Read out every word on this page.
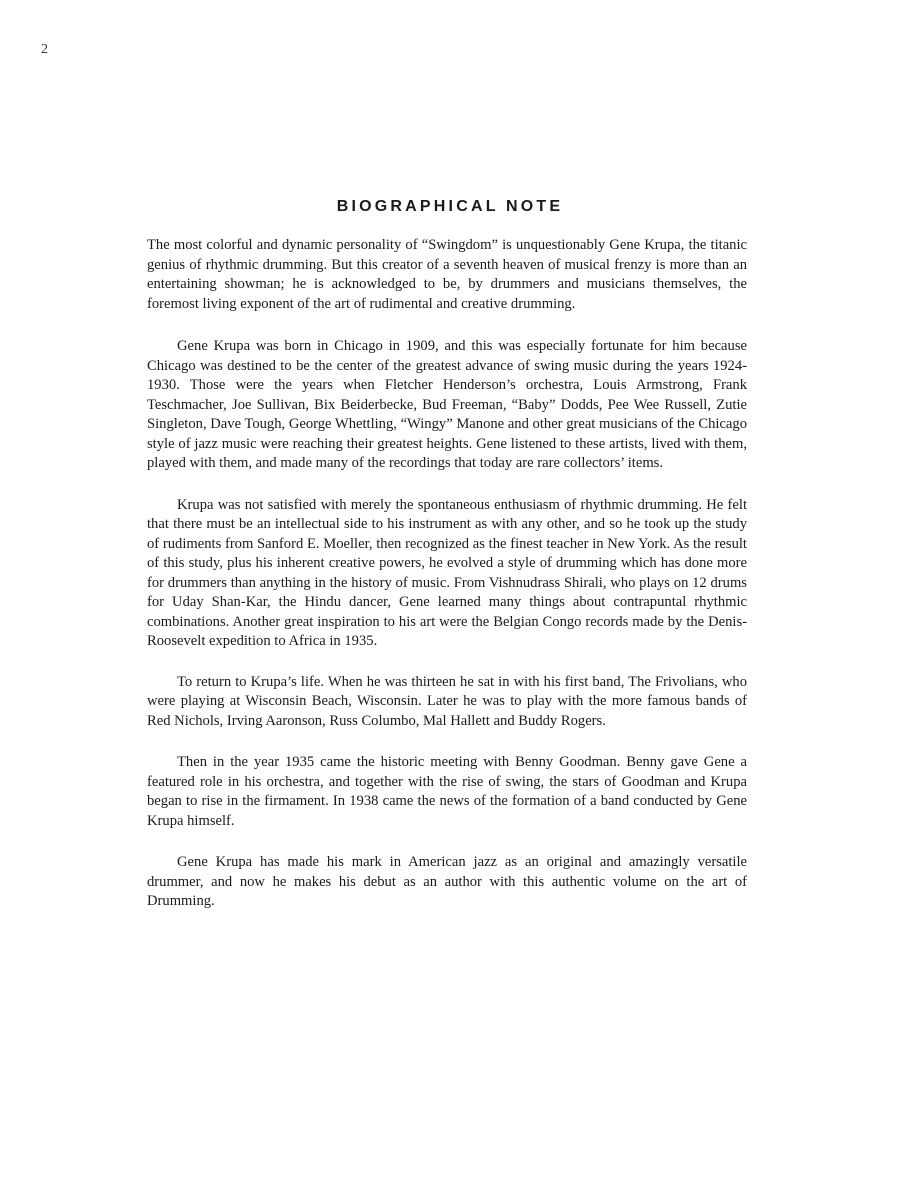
2
BIOGRAPHICAL NOTE

The most colorful and dynamic personality of “Swingdom” is unquestionably Gene Krupa, the titanic genius of rhythmic drumming. But this creator of a seventh heaven of musical frenzy is more than an entertaining showman; he is acknowledged to be, by drummers and musicians themselves, the foremost living exponent of the art of rudimental and creative drumming.

Gene Krupa was born in Chicago in 1909, and this was especially fortunate for him because Chicago was destined to be the center of the greatest advance of swing music during the years 1924-1930. Those were the years when Fletcher Henderson’s orchestra, Louis Armstrong, Frank Teschmacher, Joe Sullivan, Bix Beiderbecke, Bud Freeman, “Baby” Dodds, Pee Wee Russell, Zutie Singleton, Dave Tough, George Whettling, “Wingy” Manone and other great musicians of the Chicago style of jazz music were reaching their greatest heights. Gene listened to these artists, lived with them, played with them, and made many of the recordings that today are rare collectors’ items.

Krupa was not satisfied with merely the spontaneous enthusiasm of rhythmic drumming. He felt that there must be an intellectual side to his instrument as with any other, and so he took up the study of rudiments from Sanford E. Moeller, then recognized as the finest teacher in New York. As the result of this study, plus his inherent creative powers, he evolved a style of drumming which has done more for drummers than anything in the history of music. From Vishnudrass Shirali, who plays on 12 drums for Uday Shan-Kar, the Hindu dancer, Gene learned many things about contrapuntal rhythmic combinations. Another great inspiration to his art were the Belgian Congo records made by the Denis-Roosevelt expedition to Africa in 1935.

To return to Krupa’s life. When he was thirteen he sat in with his first band, The Frivolians, who were playing at Wisconsin Beach, Wisconsin. Later he was to play with the more famous bands of Red Nichols, Irving Aaronson, Russ Columbo, Mal Hallett and Buddy Rogers.

Then in the year 1935 came the historic meeting with Benny Goodman. Benny gave Gene a featured role in his orchestra, and together with the rise of swing, the stars of Goodman and Krupa began to rise in the firmament. In 1938 came the news of the formation of a band conducted by Gene Krupa himself.

Gene Krupa has made his mark in American jazz as an original and amazingly versatile drummer, and now he makes his debut as an author with this authentic volume on the art of Drumming.
